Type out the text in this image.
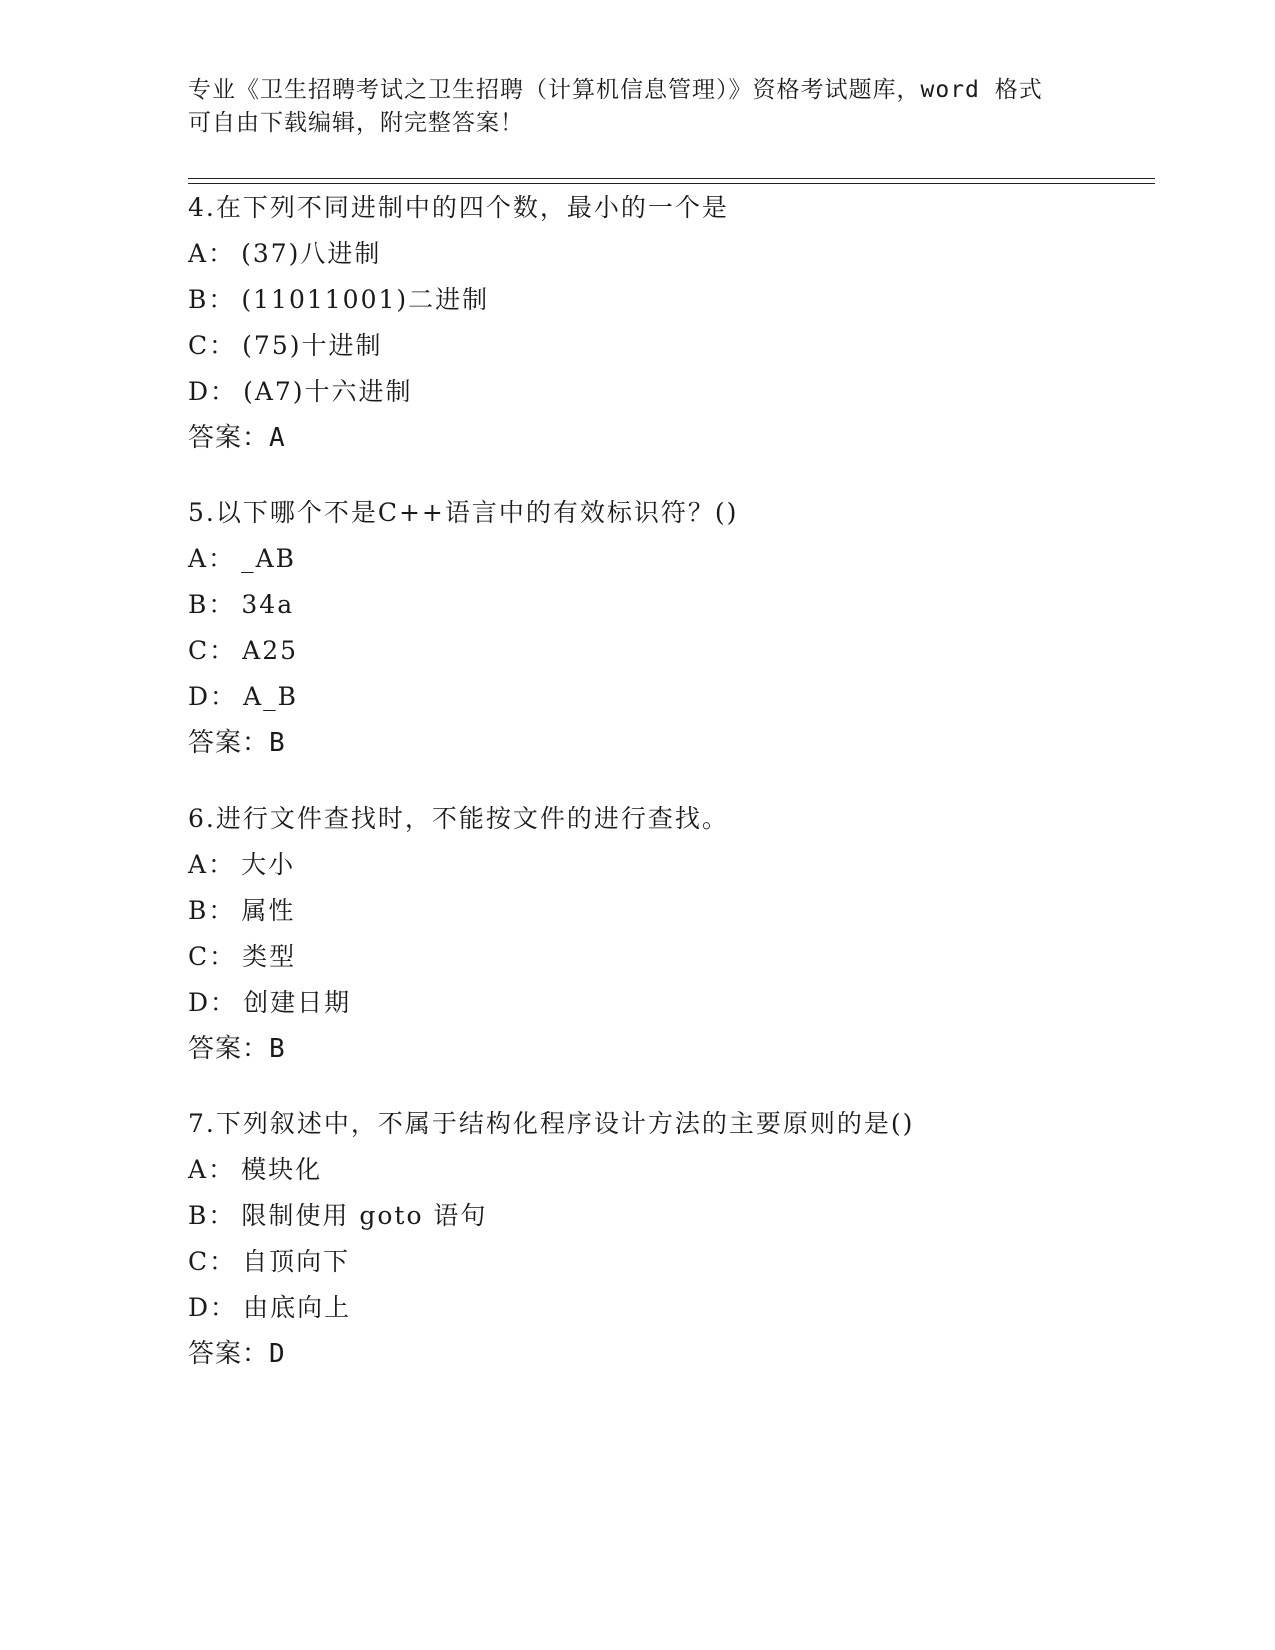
专业《卫生招聘考试之卫生招聘（计算机信息管理）》资格考试题库，word 格式
可自由下载编辑，附完整答案！
4.在下列不同进制中的四个数，最小的一个是
A： (37)八进制
B： (11011001)二进制
C： (75)十进制
D： (A7)十六进制
答案：A
5.以下哪个不是C++语言中的有效标识符？()
A： _AB
B： 34a
C： A25
D： A_B
答案：B
6.进行文件查找时，不能按文件的进行查找。
A： 大小
B： 属性
C： 类型
D： 创建日期
答案：B
7.下列叙述中，不属于结构化程序设计方法的主要原则的是()
A： 模块化
B： 限制使用 goto 语句
C： 自顶向下
D： 由底向上
答案：D
